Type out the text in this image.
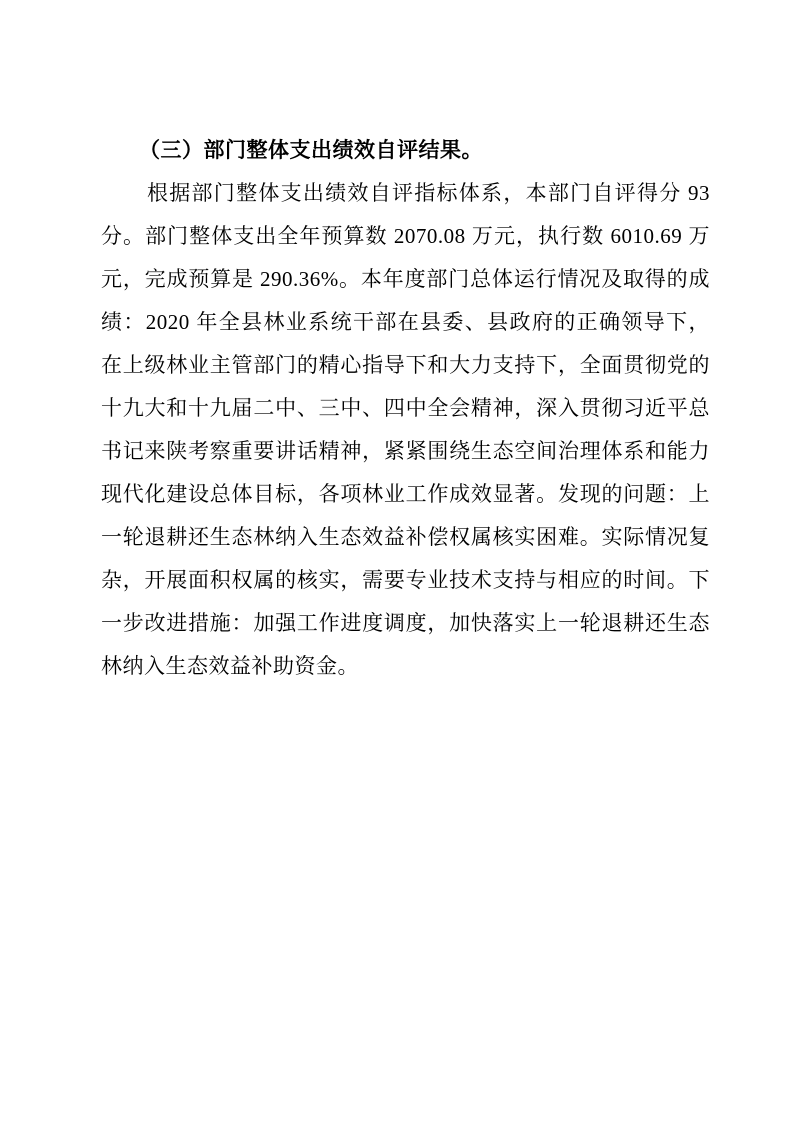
（三）部门整体支出绩效自评结果。
根据部门整体支出绩效自评指标体系，本部门自评得分 93
分。部门整体支出全年预算数 2070.08 万元，执行数 6010.69 万
元，完成预算是 290.36%。本年度部门总体运行情况及取得的成
绩：2020 年全县林业系统干部在县委、县政府的正确领导下，
在上级林业主管部门的精心指导下和大力支持下，全面贯彻党的
十九大和十九届二中、三中、四中全会精神，深入贯彻习近平总
书记来陕考察重要讲话精神，紧紧围绕生态空间治理体系和能力
现代化建设总体目标，各项林业工作成效显著。发现的问题：上
一轮退耕还生态林纳入生态效益补偿权属核实困难。实际情况复
杂，开展面积权属的核实，需要专业技术支持与相应的时间。下
一步改进措施：加强工作进度调度，加快落实上一轮退耕还生态
林纳入生态效益补助资金。
